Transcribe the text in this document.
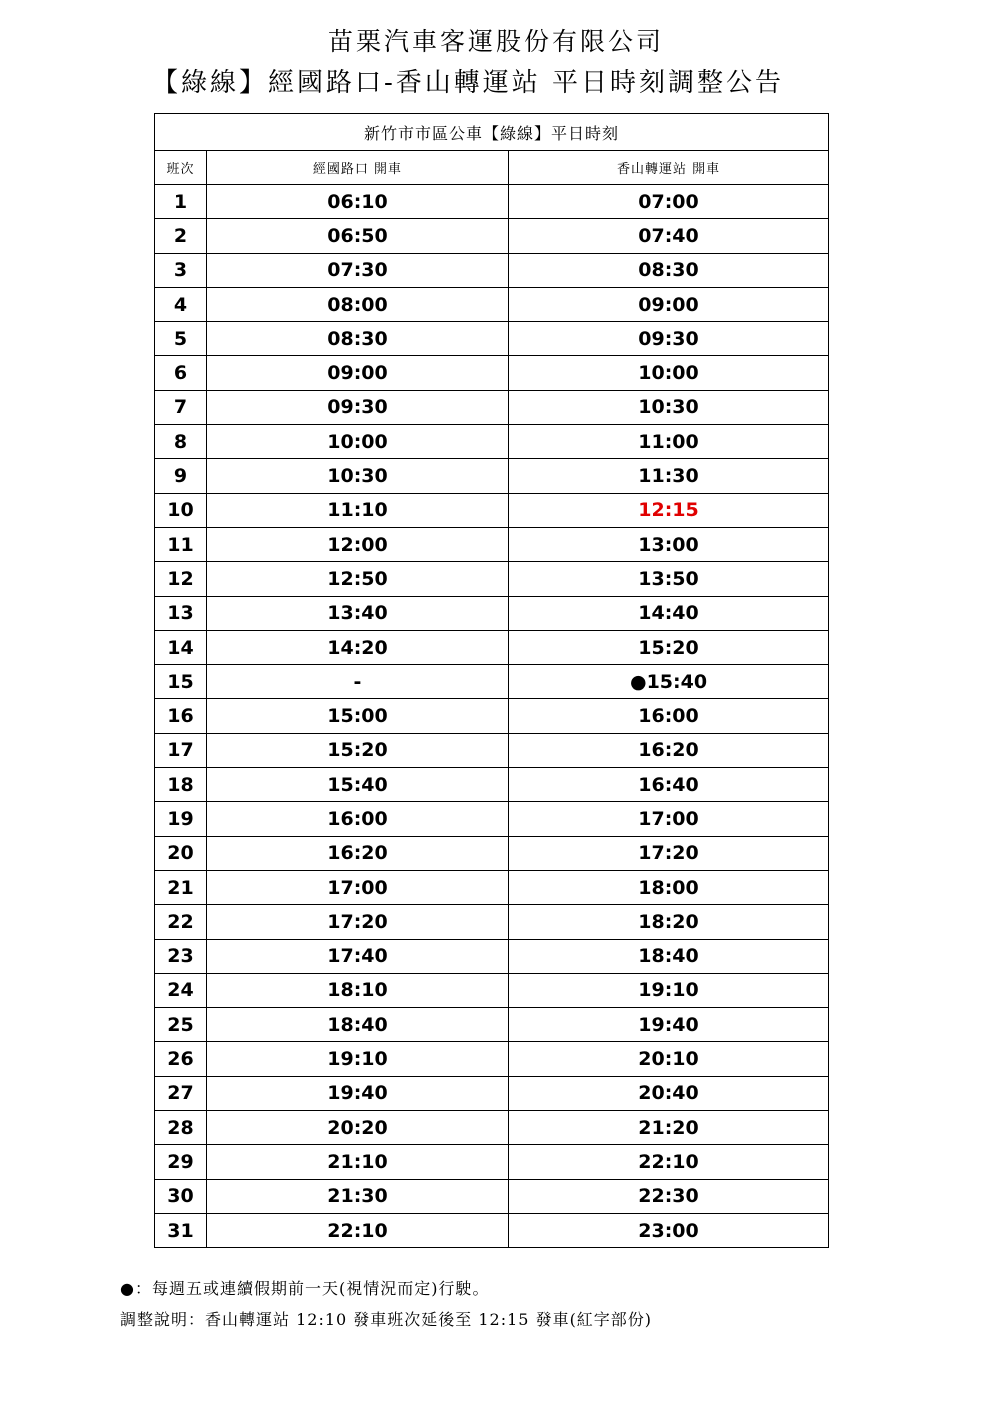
苗栗汽車客運股份有限公司
【綠線】經國路口-香山轉運站 平日時刻調整公告
新竹市市區公車【綠線】平日時刻		
班次	經國路口 開車	香山轉運站 開車
1	06:10	07:00
2	06:50	07:40
3	07:30	08:30
4	08:00	09:00
5	08:30	09:30
6	09:00	10:00
7	09:30	10:30
8	10:00	11:00
9	10:30	11:30
10	11:10	12:15
11	12:00	13:00
12	12:50	13:50
13	13:40	14:40
14	14:20	15:20
15	-	●15:40
16	15:00	16:00
17	15:20	16:20
18	15:40	16:40
19	16:00	17:00
20	16:20	17:20
21	17:00	18:00
22	17:20	18:20
23	17:40	18:40
24	18:10	19:10
25	18:40	19:40
26	19:10	20:10
27	19:40	20:40
28	20:20	21:20
29	21:10	22:10
30	21:30	22:30
31	22:10	23:00
●：每週五或連續假期前一天(視情況而定)行駛。
調整說明：香山轉運站 12:10 發車班次延後至 12:15 發車(紅字部份)
